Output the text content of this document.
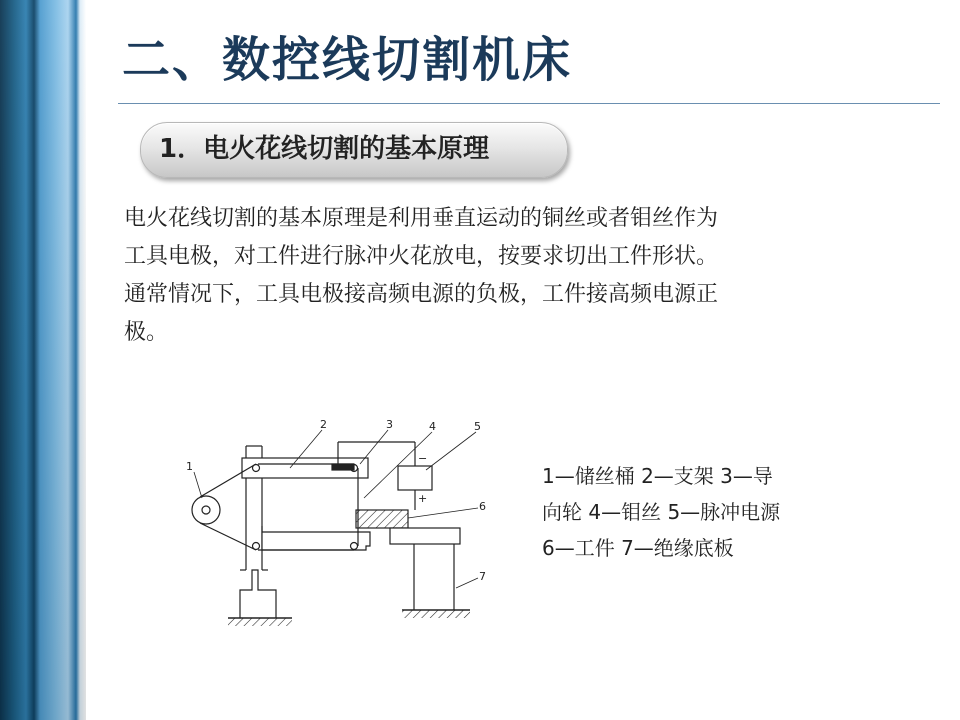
二、数控线切割机床
1．电火花线切割的基本原理
电火花线切割的基本原理是利用垂直运动的铜丝或者钼丝作为
工具电极，对工件进行脉冲火花放电，按要求切出工件形状。
通常情况下，工具电极接高频电源的负极，工件接高频电源正
极。
1
2	3	4	5
6
7
−
+
1—储丝桶 2—支架 3—导
向轮 4—钼丝 5—脉冲电源
6—工件 7—绝缘底板
